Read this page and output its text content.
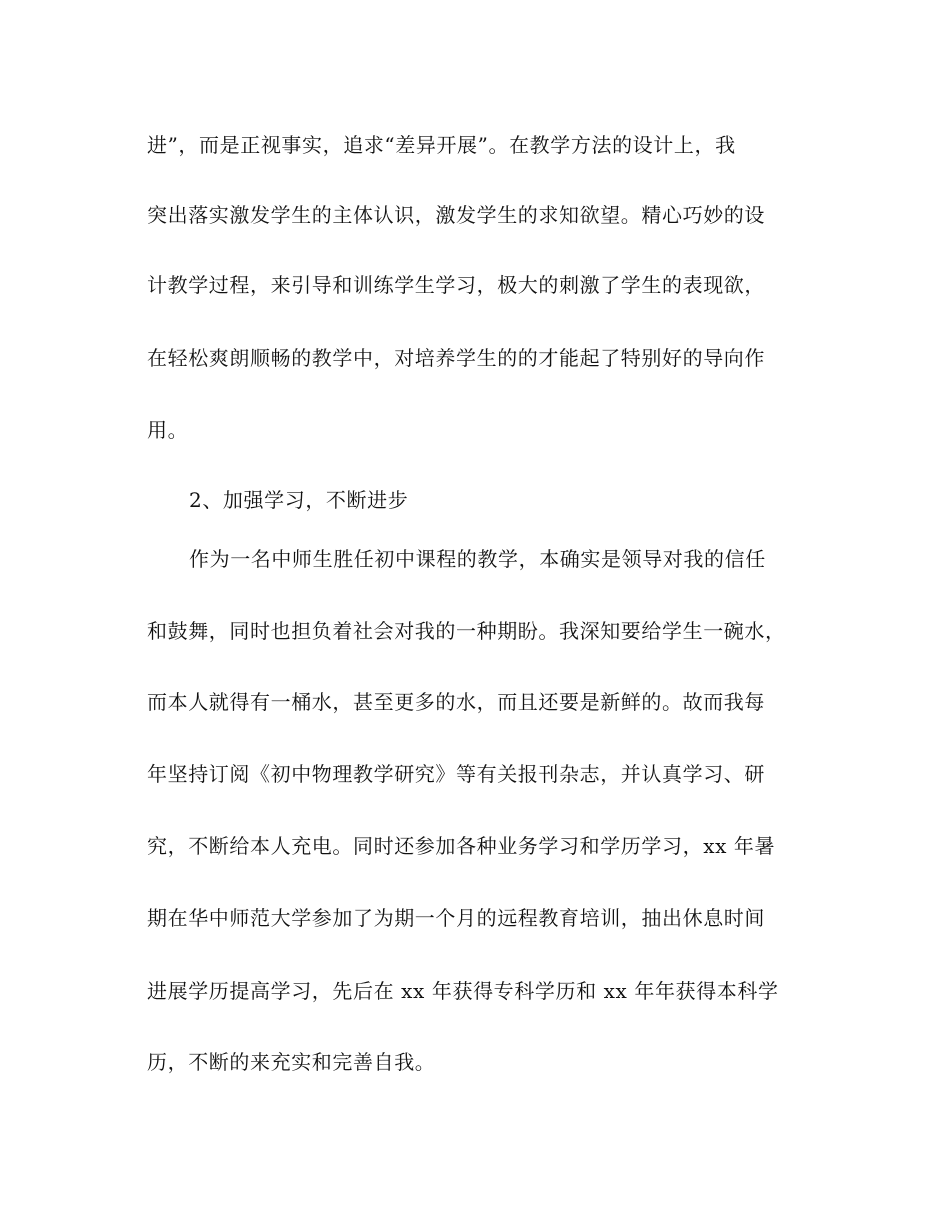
进”，而是正视事实，追求“差异开展”。在教学方法的设计上，我
突出落实激发学生的主体认识，激发学生的求知欲望。精心巧妙的设
计教学过程，来引导和训练学生学习，极大的刺激了学生的表现欲，
在轻松爽朗顺畅的教学中，对培养学生的的才能起了特别好的导向作
用。
2、加强学习，不断进步
作为一名中师生胜任初中课程的教学，本确实是领导对我的信任
和鼓舞，同时也担负着社会对我的一种期盼。我深知要给学生一碗水，
而本人就得有一桶水，甚至更多的水，而且还要是新鲜的。故而我每
年坚持订阅《初中物理教学研究》等有关报刊杂志，并认真学习、研
究，不断给本人充电。同时还参加各种业务学习和学历学习，xx 年暑
期在华中师范大学参加了为期一个月的远程教育培训，抽出休息时间
进展学历提高学习，先后在 xx 年获得专科学历和 xx 年年获得本科学
历，不断的来充实和完善自我。
